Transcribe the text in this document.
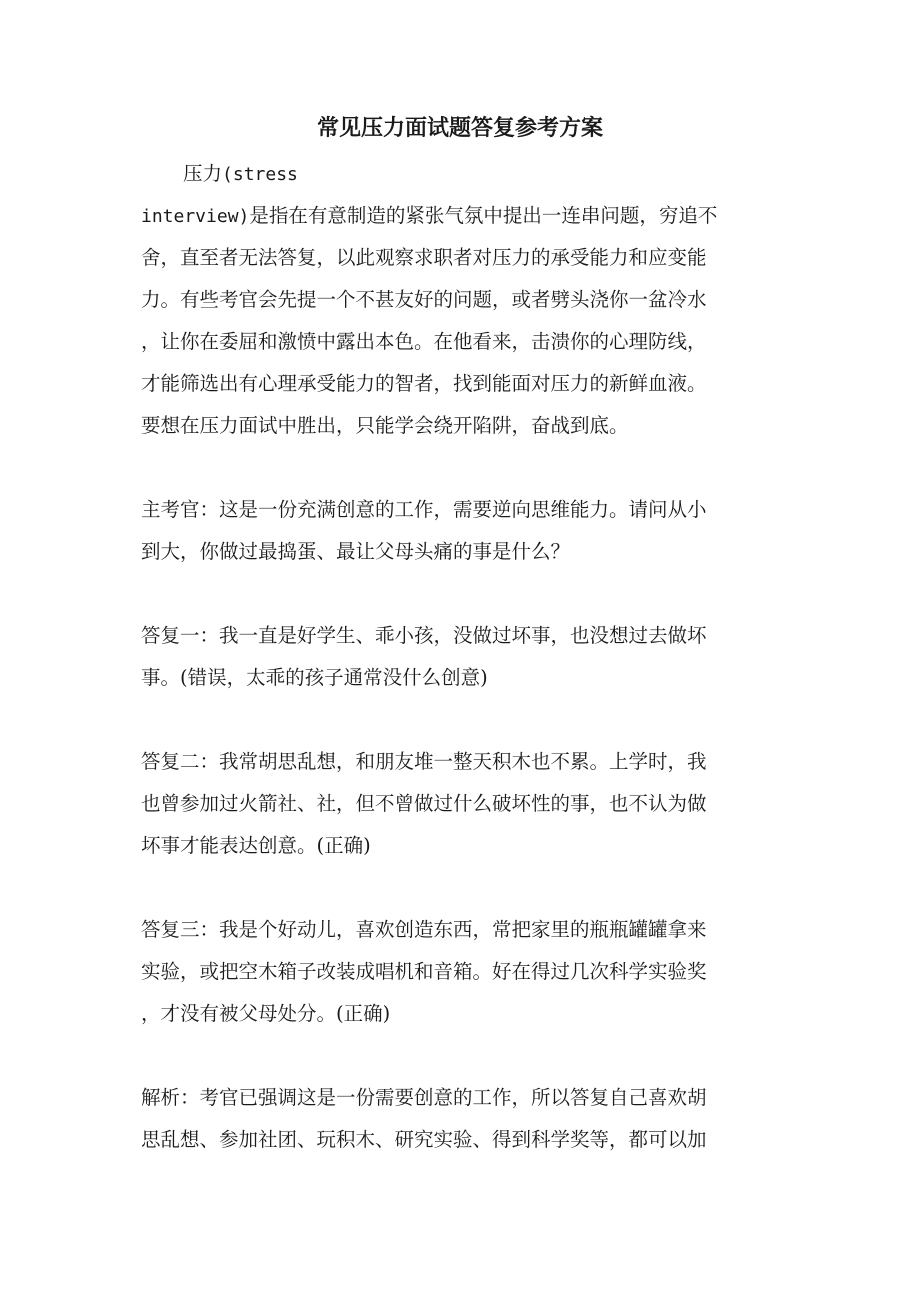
常见压力面试题答复参考方案
压力(stress
interview)是指在有意制造的紧张气氛中提出一连串问题，穷追不
舍，直至者无法答复，以此观察求职者对压力的承受能力和应变能
力。有些考官会先提一个不甚友好的问题，或者劈头浇你一盆冷水
，让你在委屈和激愤中露出本色。在他看来，击溃你的心理防线，
才能筛选出有心理承受能力的智者，找到能面对压力的新鲜血液。
要想在压力面试中胜出，只能学会绕开陷阱，奋战到底。
主考官：这是一份充满创意的工作，需要逆向思维能力。请问从小
到大，你做过最捣蛋、最让父母头痛的事是什么？
答复一：我一直是好学生、乖小孩，没做过坏事，也没想过去做坏
事。(错误，太乖的孩子通常没什么创意)
答复二：我常胡思乱想，和朋友堆一整天积木也不累。上学时，我
也曾参加过火箭社、社，但不曾做过什么破坏性的事，也不认为做
坏事才能表达创意。(正确)
答复三：我是个好动儿，喜欢创造东西，常把家里的瓶瓶罐罐拿来
实验，或把空木箱子改装成唱机和音箱。好在得过几次科学实验奖
，才没有被父母处分。(正确)
解析：考官已强调这是一份需要创意的工作，所以答复自己喜欢胡
思乱想、参加社团、玩积木、研究实验、得到科学奖等，都可以加
